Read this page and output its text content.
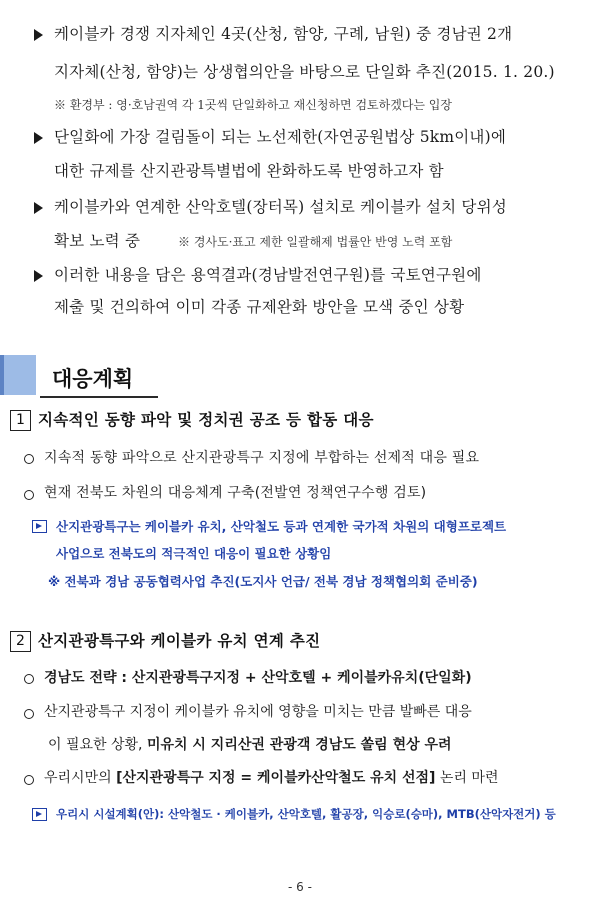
케이블카 경쟁 지자체인 4곳(산청, 함양, 구례, 남원) 중 경남권 2개
지자체(산청, 함양)는 상생협의안을 바탕으로 단일화 추진(2015. 1. 20.)
※ 환경부 : 영·호남권역 각 1곳씩 단일화하고 재신청하면 검토하겠다는 입장
단일화에 가장 걸림돌이 되는 노선제한(자연공원법상 5km이내)에
대한 규제를 산지관광특별법에 완화하도록 반영하고자 함
케이블카와 연계한 산악호텔(장터목) 설치로 케이블카 설치 당위성
확보 노력 중	※ 경사도·표고 제한 일괄해제 법률안 반영 노력 포함
이러한 내용을 담은 용역결과(경남발전연구원)를 국토연구원에
제출 및 건의하여 이미 각종 규제완화 방안을 모색 중인 상황
대응계획
1 지속적인 동향 파악 및 정치권 공조 등 합동 대응
지속적 동향 파악으로 산지관광특구 지정에 부합하는 선제적 대응 필요
현재 전북도 차원의 대응체계 구축(전발연 정책연구수행 검토)
산지관광특구는 케이블카 유치, 산악철도 등과 연계한 국가적 차원의 대형프로젝트
사업으로 전북도의 적극적인 대응이 필요한 상황임
※ 전북과 경남 공동협력사업 추진(도지사 언급/ 전북 경남 정책협의회 준비중)
2 산지관광특구와 케이블카 유치 연계 추진
경남도 전략 : 산지관광특구지정 + 산악호텔 + 케이블카유치(단일화)
산지관광특구 지정이 케이블카 유치에 영향을 미치는 만큼 발빠른 대응
이 필요한 상황, 미유치 시 지리산권 관광객 경남도 쏠림 현상 우려
우리시만의 [산지관광특구 지정 = 케이블카산악철도 유치 선점] 논리 마련
우리시 시설계획(안): 산악철도 · 케이블카, 산악호텔, 활공장, 익승로(승마), MTB(산악자전거) 등
- 6 -
